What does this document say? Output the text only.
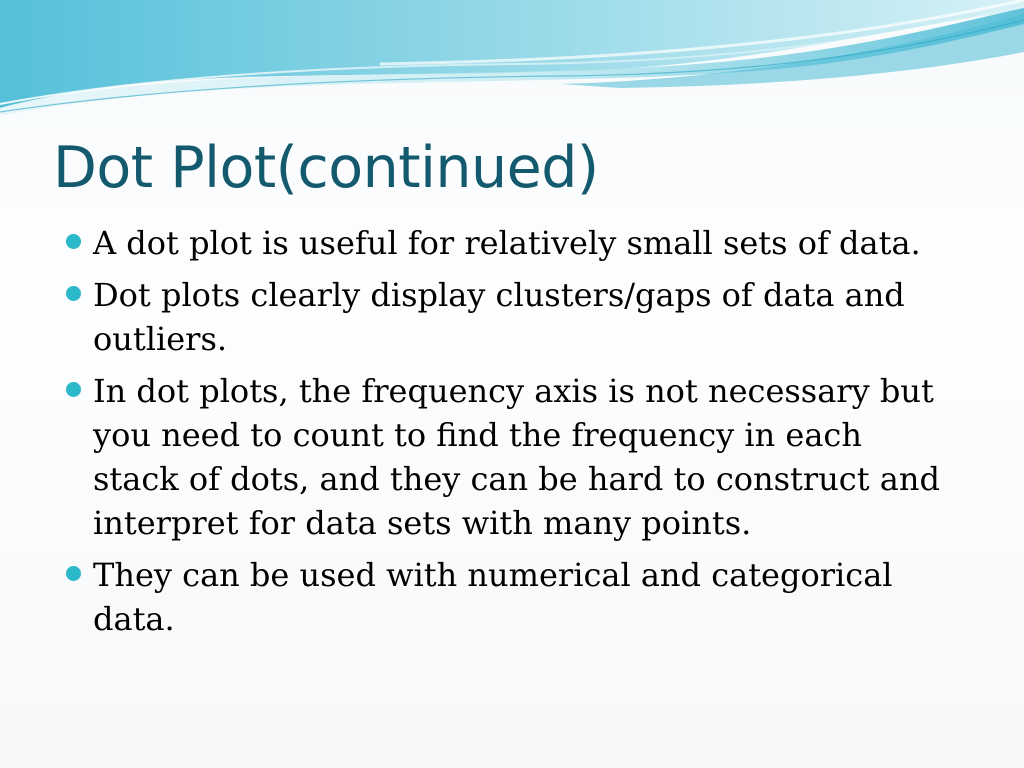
Dot Plot(continued)
A dot plot is useful for relatively small sets of data.
Dot plots clearly display clusters/gaps of data and outliers.
In dot plots, the frequency axis is not necessary but you need to count to find the frequency in each stack of dots, and they can be hard to construct and interpret for data sets with many points.
They can be used with numerical and categorical data.
